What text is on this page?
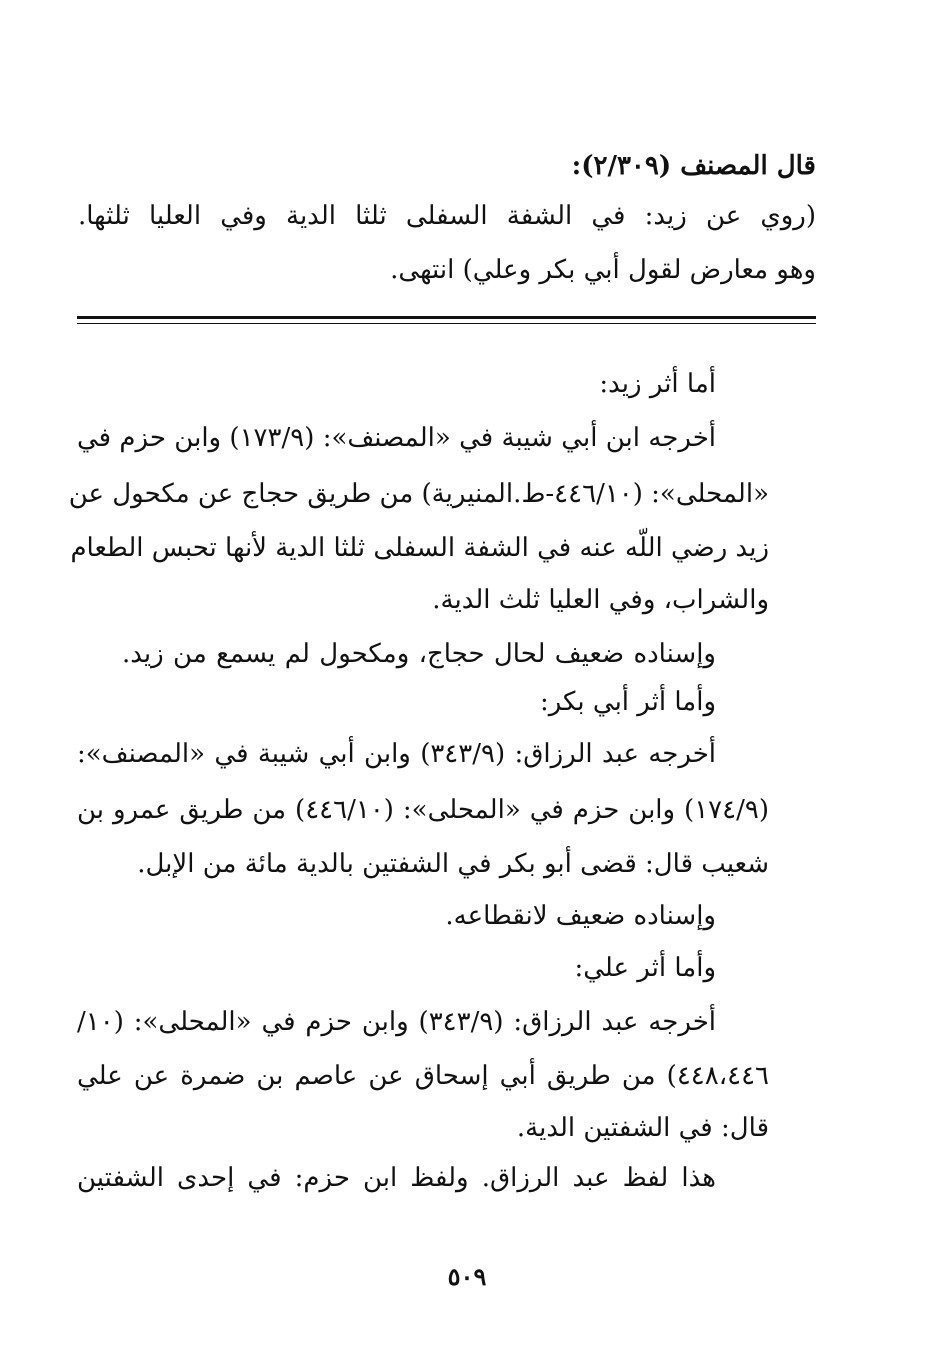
قال المصنف (٢/٣٠٩):
(روي عن زيد: في الشفة السفلى ثلثا الدية وفي العليا ثلثها.
وهو معارض لقول أبي بكر وعلي) انتهى.
أما أثر زيد:
أخرجه ابن أبي شيبة في «المصنف»: (١٧٣/٩) وابن حزم في
«المحلى»: (٤٤٦/١٠-ط.المنيرية) من طريق حجاج عن مكحول عن
زيد رضي اللّه عنه في الشفة السفلى ثلثا الدية لأنها تحبس الطعام
والشراب، وفي العليا ثلث الدية.
وإسناده ضعيف لحال حجاج، ومكحول لم يسمع من زيد.
وأما أثر أبي بكر:
أخرجه عبد الرزاق: (٣٤٣/٩) وابن أبي شيبة في «المصنف»:
(١٧٤/٩) وابن حزم في «المحلى»: (٤٤٦/١٠) من طريق عمرو بن
شعيب قال: قضى أبو بكر في الشفتين بالدية مائة من الإبل.
وإسناده ضعيف لانقطاعه.
وأما أثر علي:
أخرجه عبد الرزاق: (٣٤٣/٩) وابن حزم في «المحلى»: (١٠/
٤٤٨،٤٤٦) من طريق أبي إسحاق عن عاصم بن ضمرة عن علي
قال: في الشفتين الدية.
هذا لفظ عبد الرزاق. ولفظ ابن حزم: في إحدى الشفتين
٥٠٩
